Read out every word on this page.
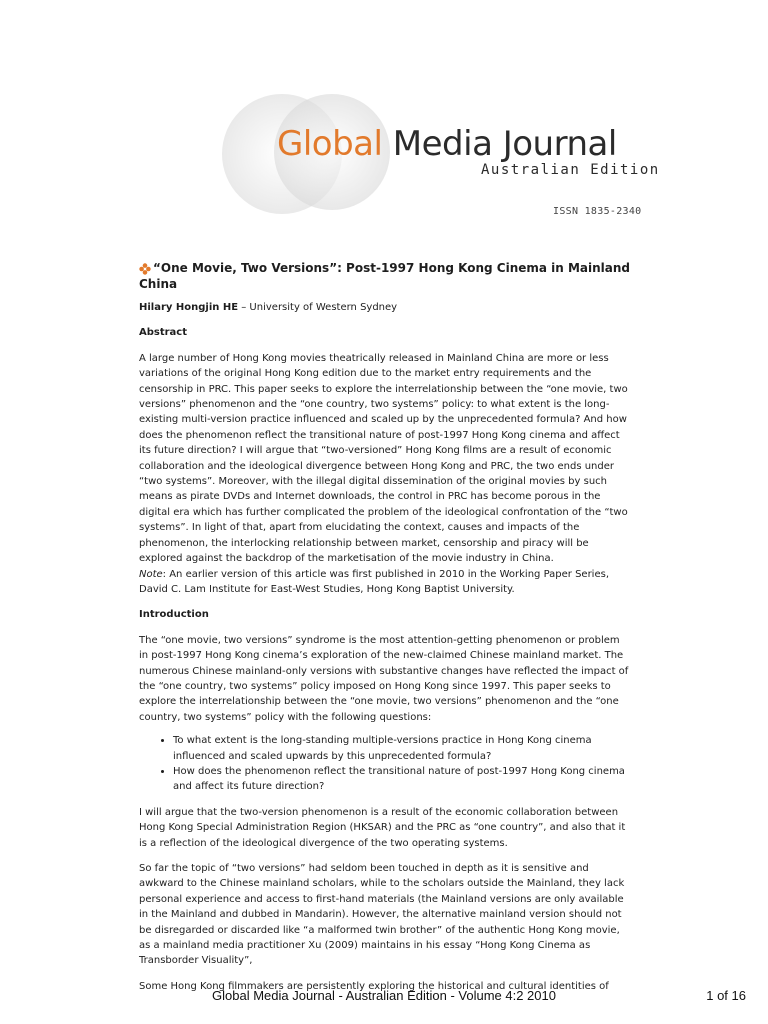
Global Media Journal
Australian Edition
ISSN 1835-2340
“One Movie, Two Versions”: Post-1997 Hong Kong Cinema in Mainland China

Hilary Hongjin HE – University of Western Sydney

Abstract

A large number of Hong Kong movies theatrically released in Mainland China are more or less variations of the original Hong Kong edition due to the market entry requirements and the censorship in PRC. This paper seeks to explore the interrelationship between the “one movie, two versions” phenomenon and the “one country, two systems” policy: to what extent is the long-existing multi-version practice influenced and scaled up by the unprecedented formula? And how does the phenomenon reflect the transitional nature of post-1997 Hong Kong cinema and affect its future direction? I will argue that “two-versioned” Hong Kong films are a result of economic collaboration and the ideological divergence between Hong Kong and PRC, the two ends under “two systems”. Moreover, with the illegal digital dissemination of the original movies by such means as pirate DVDs and Internet downloads, the control in PRC has become porous in the digital era which has further complicated the problem of the ideological confrontation of the “two systems”. In light of that, apart from elucidating the context, causes and impacts of the phenomenon, the interlocking relationship between market, censorship and piracy will be explored against the backdrop of the marketisation of the movie industry in China.

Note: An earlier version of this article was first published in 2010 in the Working Paper Series, David C. Lam Institute for East-West Studies, Hong Kong Baptist University.

Introduction

The “one movie, two versions” syndrome is the most attention-getting phenomenon or problem in post-1997 Hong Kong cinema’s exploration of the new-claimed Chinese mainland market. The numerous Chinese mainland-only versions with substantive changes have reflected the impact of the “one country, two systems” policy imposed on Hong Kong since 1997. This paper seeks to explore the interrelationship between the “one movie, two versions” phenomenon and the “one country, two systems” policy with the following questions:

• To what extent is the long-standing multiple-versions practice in Hong Kong cinema influenced and scaled upwards by this unprecedented formula?
• How does the phenomenon reflect the transitional nature of post-1997 Hong Kong cinema and affect its future direction?

I will argue that the two-version phenomenon is a result of the economic collaboration between Hong Kong Special Administration Region (HKSAR) and the PRC as “one country”, and also that it is a reflection of the ideological divergence of the two operating systems.

So far the topic of “two versions” had seldom been touched in depth as it is sensitive and awkward to the Chinese mainland scholars, while to the scholars outside the Mainland, they lack personal experience and access to first-hand materials (the Mainland versions are only available in the Mainland and dubbed in Mandarin). However, the alternative mainland version should not be disregarded or discarded like “a malformed twin brother” of the authentic Hong Kong movie, as a mainland media practitioner Xu (2009) maintains in his essay “Hong Kong Cinema as Transborder Visuality”,

Some Hong Kong filmmakers are persistently exploring the historical and cultural identities of

Global Media Journal - Australian Edition - Volume 4:2 2010	1 of 16
